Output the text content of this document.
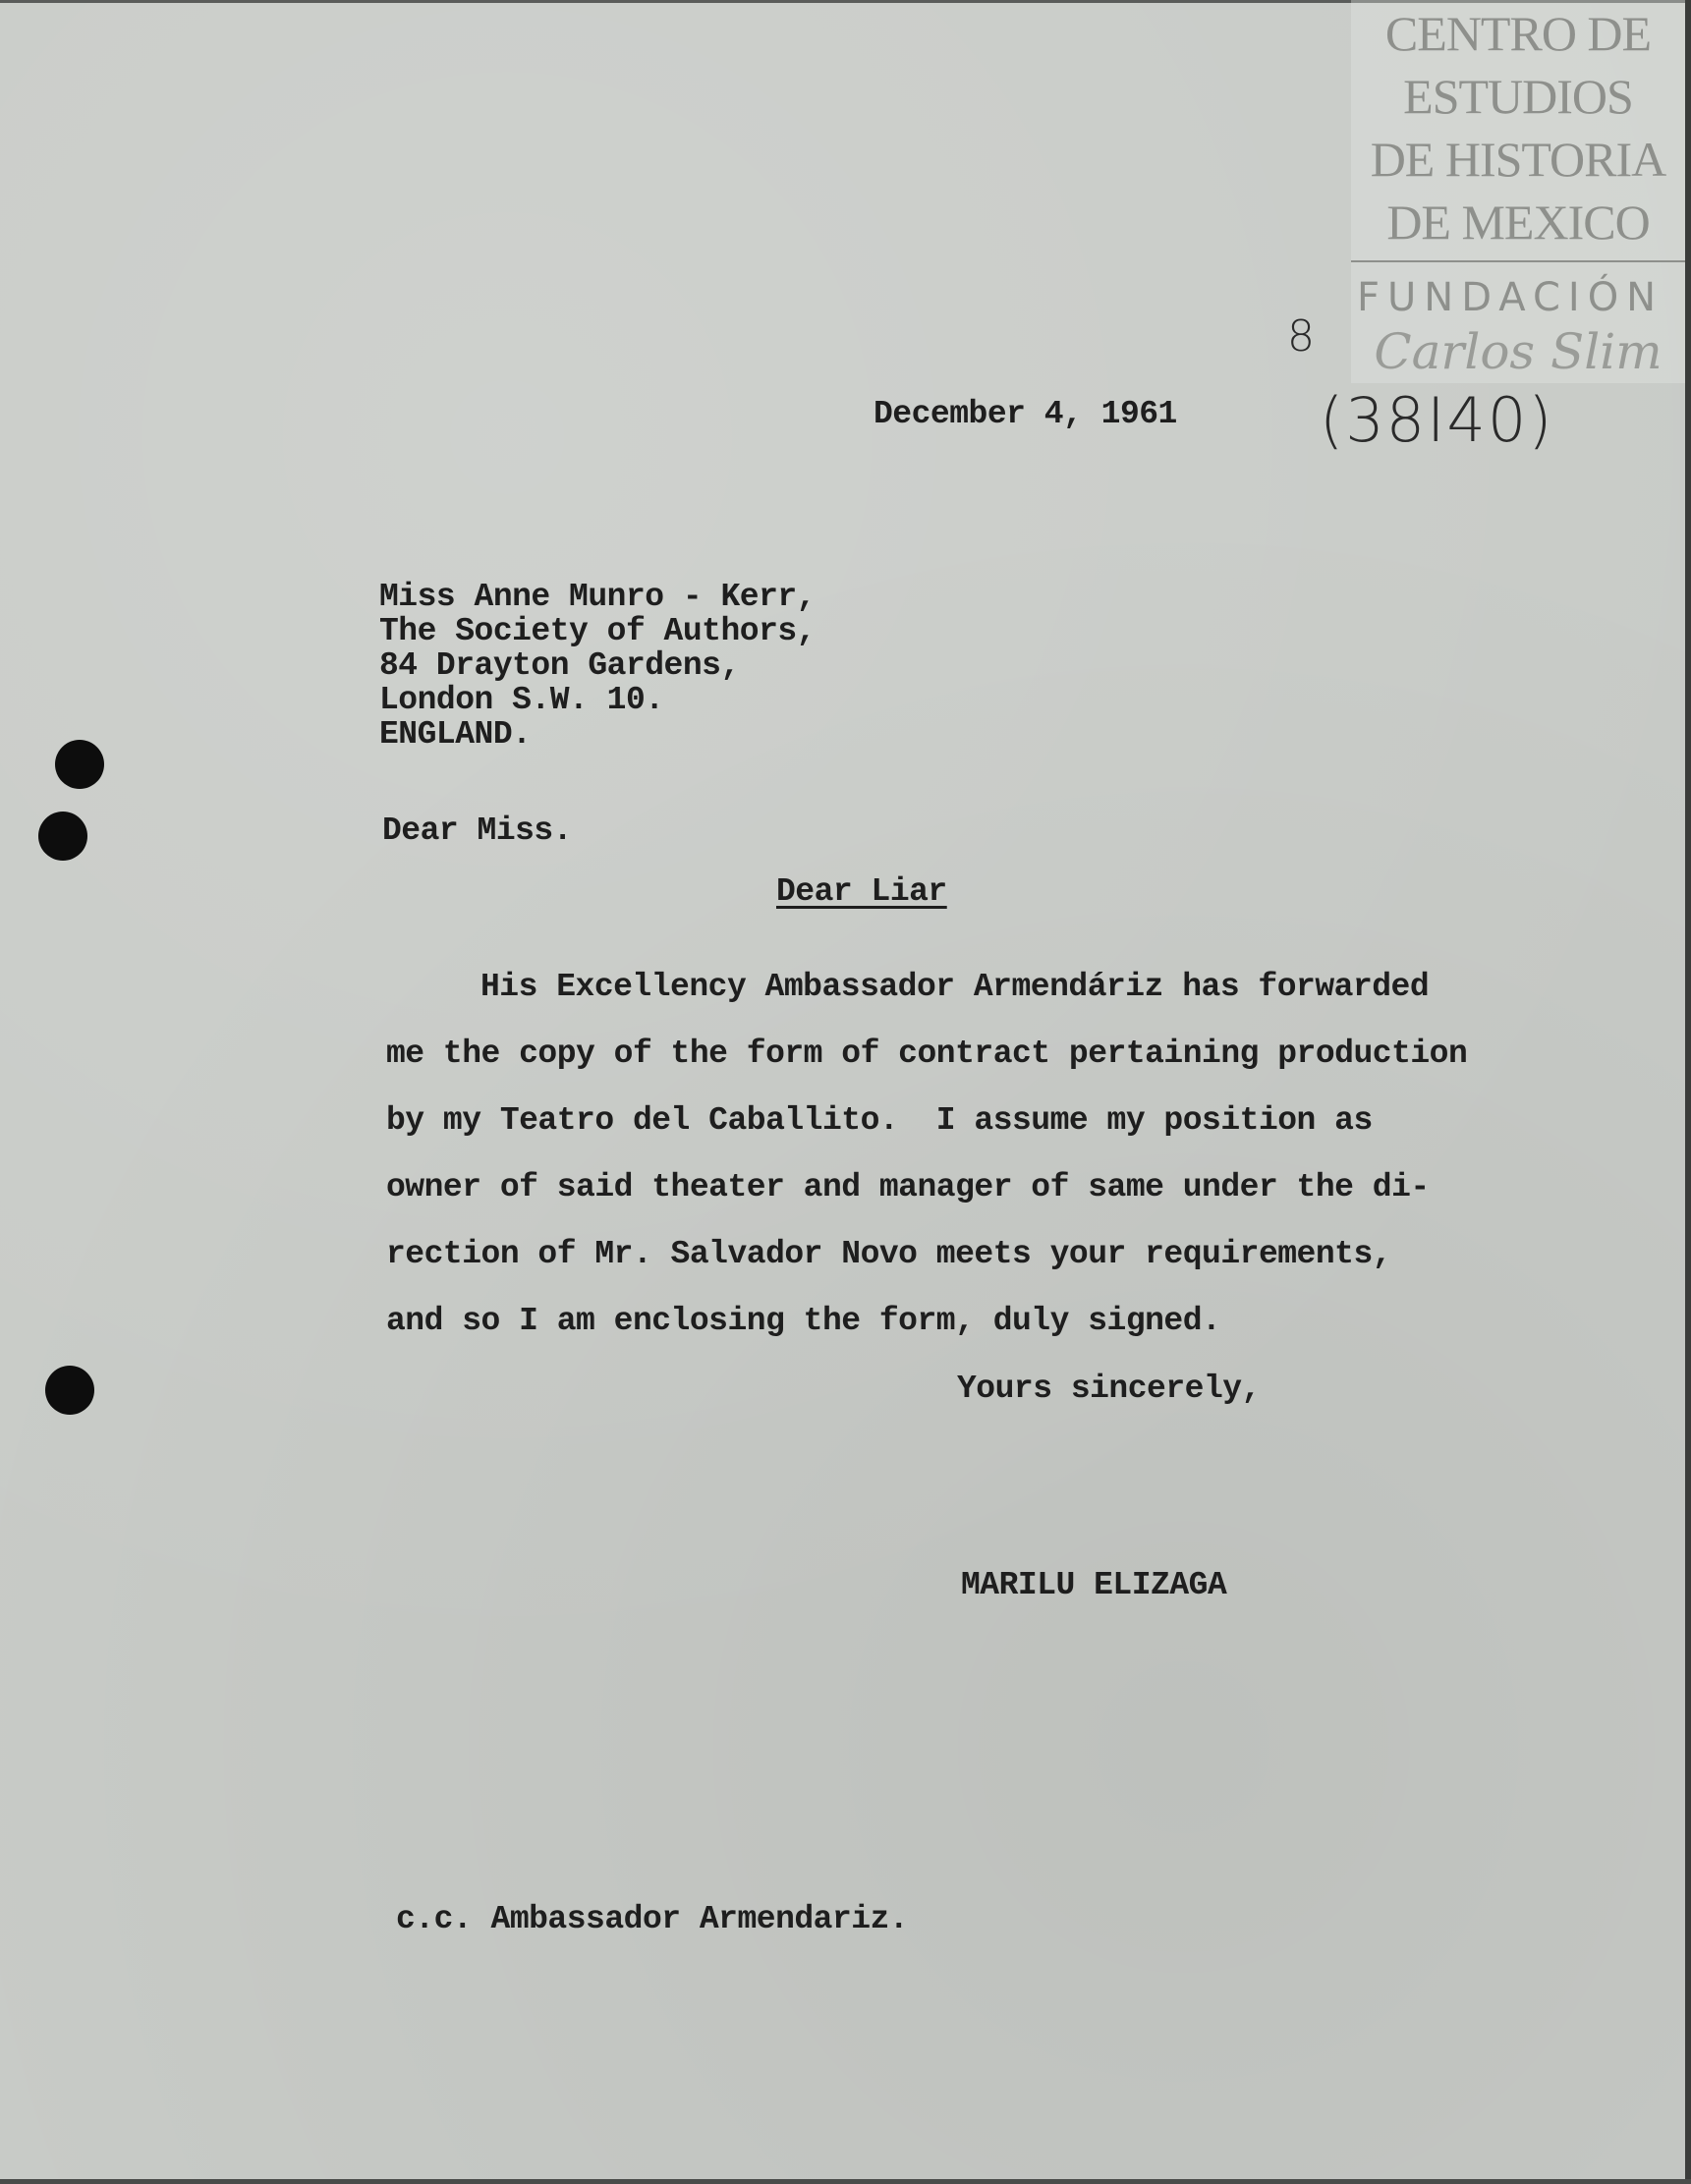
CENTRO DE
ESTUDIOS
DE HISTORIA
DE MEXICO
FUNDACIÓN
Carlos Slim
8
(38I40)
December 4, 1961
Miss Anne Munro - Kerr,
The Society of Authors,
84 Drayton Gardens,
London S.W. 10.
ENGLAND.
Dear Miss.
Dear Liar
His Excellency Ambassador Armendáriz has forwarded
me the copy of the form of contract pertaining production
by my Teatro del Caballito.  I assume my position as
owner of said theater and manager of same under the di-
rection of Mr. Salvador Novo meets your requirements,
and so I am enclosing the form, duly signed.
Yours sincerely,
MARILU ELIZAGA
c.c. Ambassador Armendariz.
